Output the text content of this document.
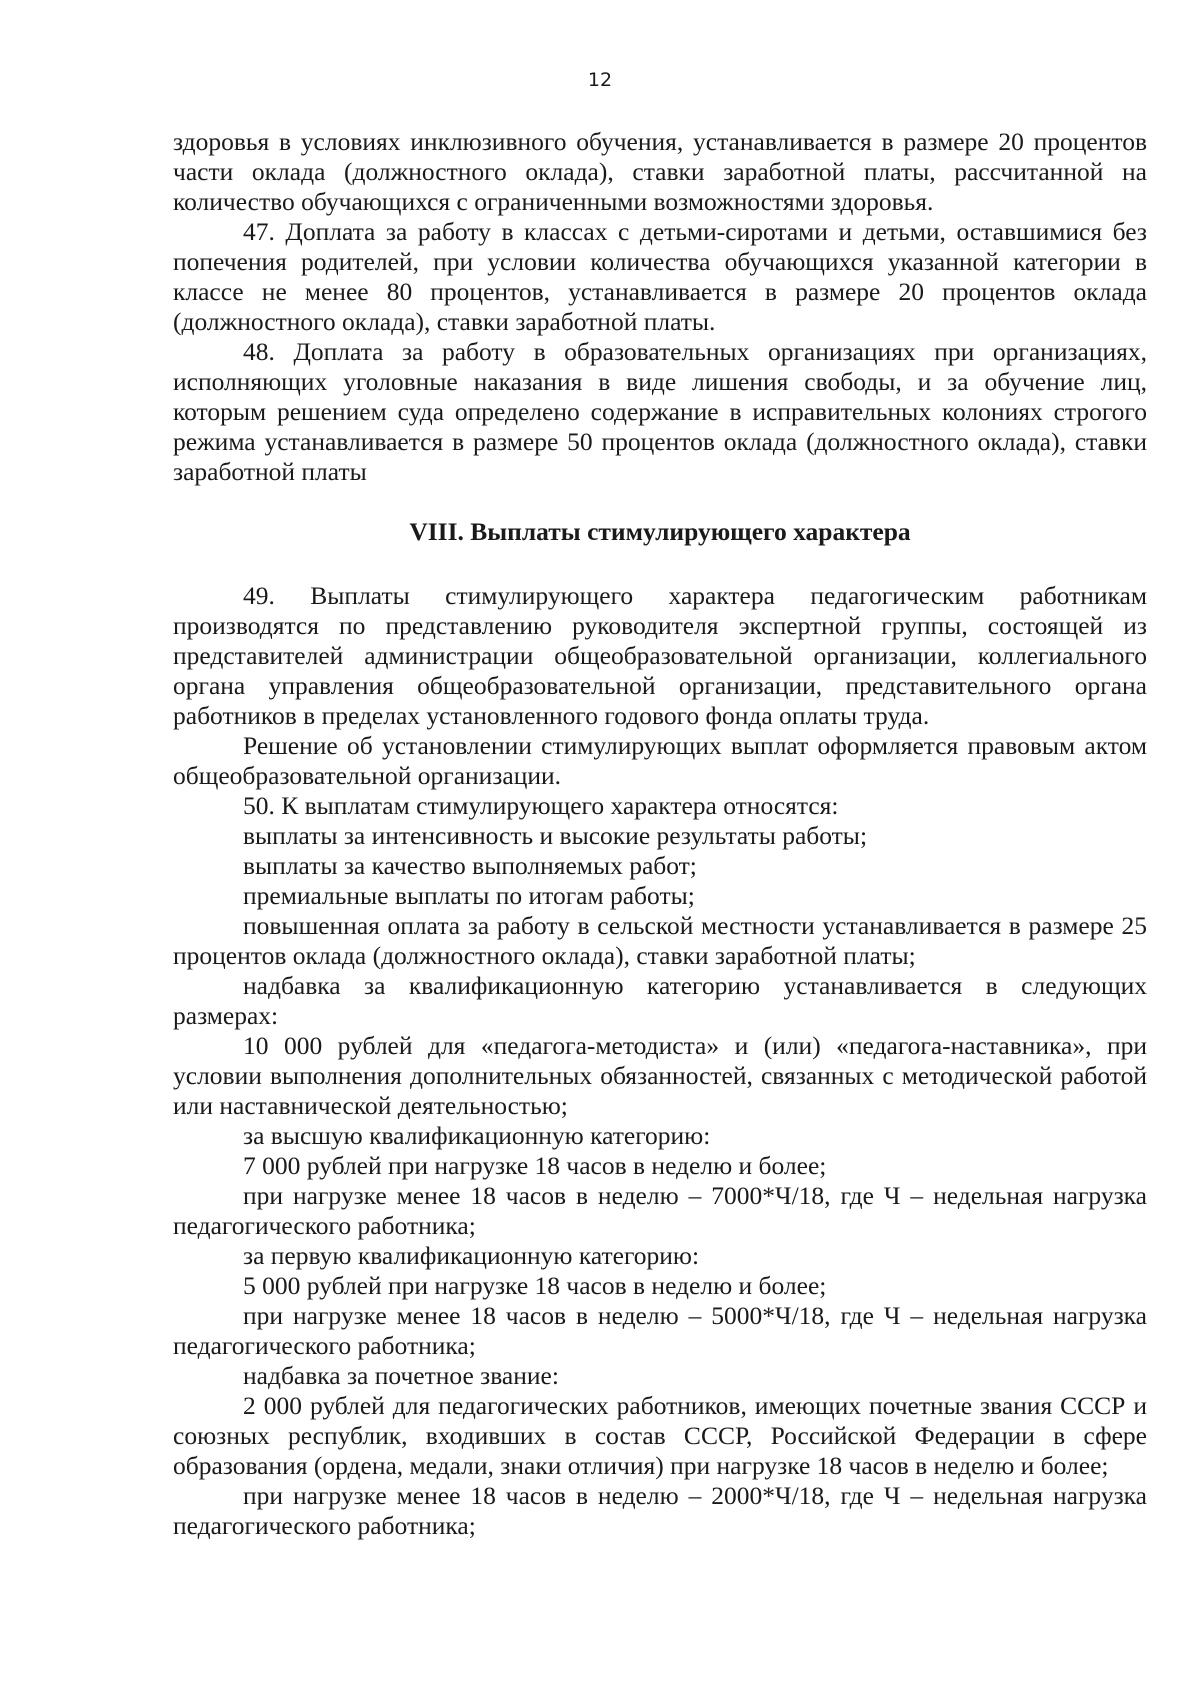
12

здоровья в условиях инклюзивного обучения, устанавливается в размере 20 процентов части оклада (должностного оклада), ставки заработной платы, рассчитанной на количество обучающихся с ограниченными возможностями здоровья.

47. Доплата за работу в классах с детьми-сиротами и детьми, оставшимися без попечения родителей, при условии количества обучающихся указанной категории в классе не менее 80 процентов, устанавливается в размере 20 процентов оклада (должностного оклада), ставки заработной платы.

48. Доплата за работу в образовательных организациях при организациях, исполняющих уголовные наказания в виде лишения свободы, и за обучение лиц, которым решением суда определено содержание в исправительных колониях строгого режима устанавливается в размере 50 процентов оклада (должностного оклада), ставки заработной платы

VIII. Выплаты стимулирующего характера

49. Выплаты стимулирующего характера педагогическим работникам производятся по представлению руководителя экспертной группы, состоящей из представителей администрации общеобразовательной организации, коллегиального органа управления общеобразовательной организации, представительного органа работников в пределах установленного годового фонда оплаты труда.

Решение об установлении стимулирующих выплат оформляется правовым актом общеобразовательной организации.

50. К выплатам стимулирующего характера относятся:

выплаты за интенсивность и высокие результаты работы;

выплаты за качество выполняемых работ;

премиальные выплаты по итогам работы;

повышенная оплата за работу в сельской местности устанавливается в размере 25 процентов оклада (должностного оклада), ставки заработной платы;

надбавка за квалификационную категорию устанавливается в следующих размерах:

10 000 рублей для «педагога-методиста» и (или) «педагога-наставника», при условии выполнения дополнительных обязанностей, связанных с методической работой или наставнической деятельностью;

за высшую квалификационную категорию:

7 000 рублей при нагрузке 18 часов в неделю и более;

при нагрузке менее 18 часов в неделю – 7000*Ч/18, где Ч – недельная нагрузка педагогического работника;

за первую квалификационную категорию:

5 000 рублей при нагрузке 18 часов в неделю и более;

при нагрузке менее 18 часов в неделю – 5000*Ч/18, где Ч – недельная нагрузка педагогического работника;

надбавка за почетное звание:

2 000 рублей для педагогических работников, имеющих почетные звания СССР и союзных республик, входивших в состав СССР, Российской Федерации в сфере образования (ордена, медали, знаки отличия) при нагрузке 18 часов в неделю и более;

при нагрузке менее 18 часов в неделю – 2000*Ч/18, где Ч – недельная нагрузка педагогического работника;
